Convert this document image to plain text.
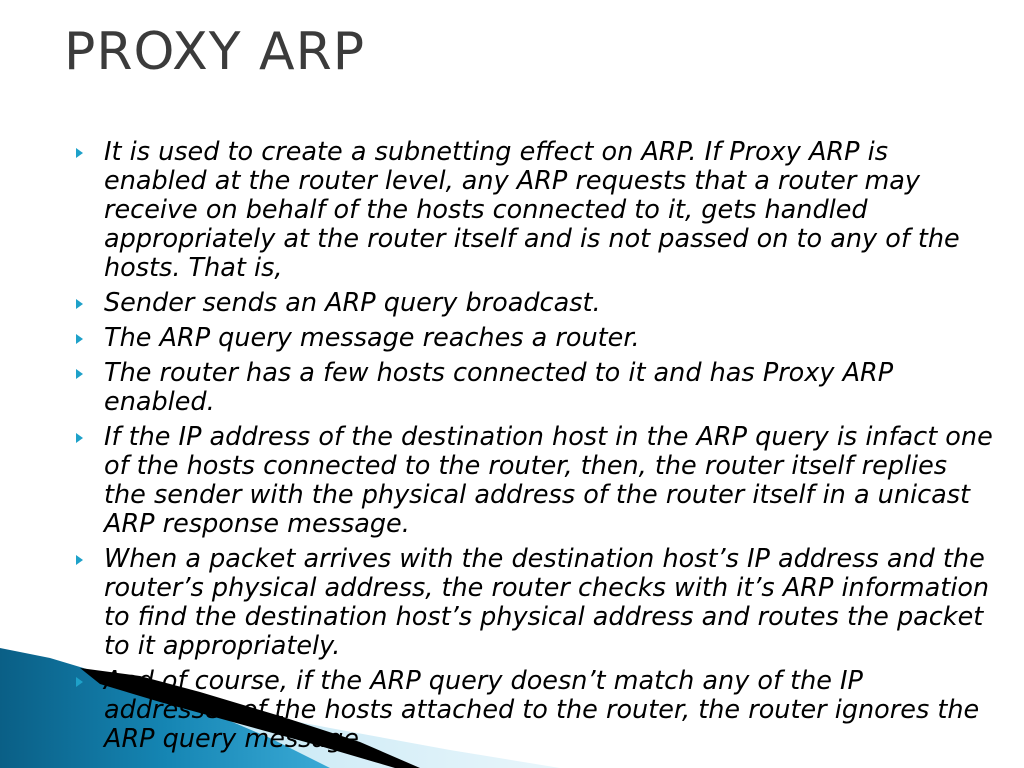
PROXY ARP
It is used to create a subnetting effect on ARP. If Proxy ARP is enabled at the router level, any ARP requests that a router may receive on behalf of the hosts connected to it, gets handled appropriately at the router itself and is not passed on to any of the hosts. That is,
Sender sends an ARP query broadcast.
The ARP query message reaches a router.
The router has a few hosts connected to it and has Proxy ARP enabled.
If the IP address of the destination host in the ARP query is infact one of the hosts connected to the router, then, the router itself replies the sender with the physical address of the router itself in a unicast ARP response message.
When a packet arrives with the destination host’s IP address and the router’s physical address, the router checks with it’s ARP information to find the destination host’s physical address and routes the packet to it appropriately.
And of course, if the ARP query doesn’t match any of the IP addresses of the hosts attached to the router, the router ignores the ARP query message.
